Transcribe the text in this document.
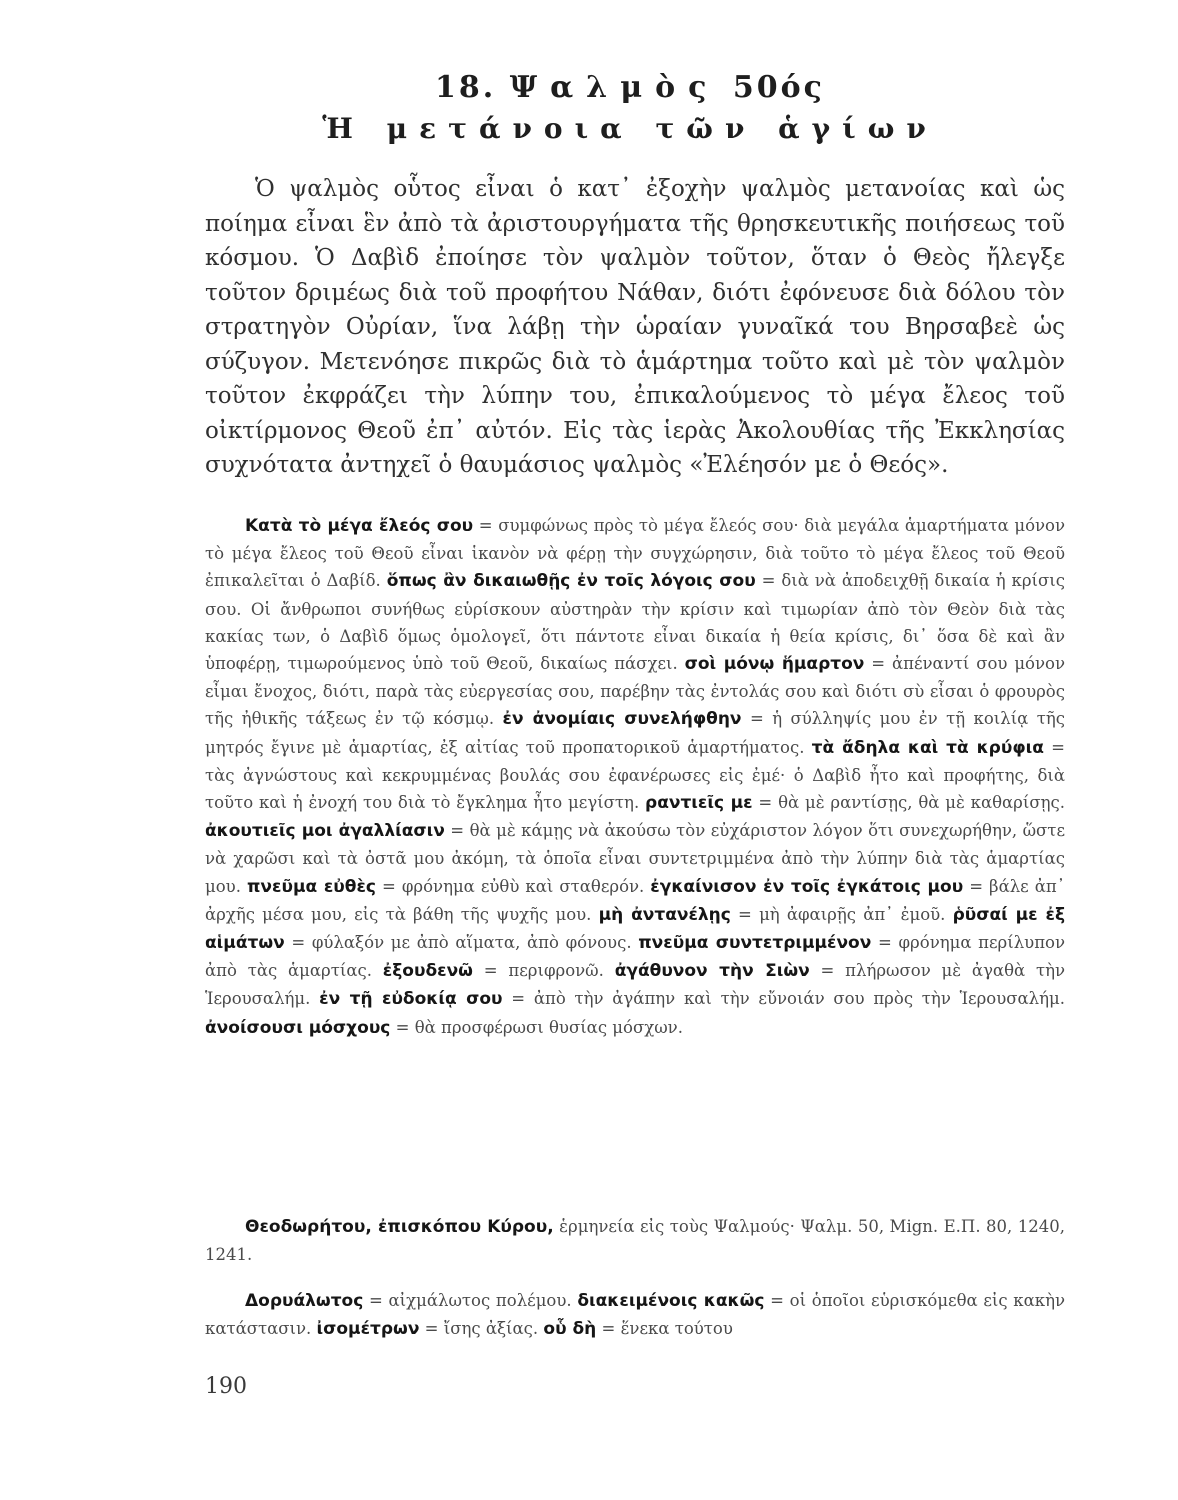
18. Ψαλμὸς 50ός
Ἡ μετάνοια τῶν ἁγίων

Ὁ ψαλμὸς οὗτος εἶναι ὁ κατ᾽ ἐξοχὴν ψαλμὸς μετανοίας καὶ ὡς ποίημα εἶναι ἓν ἀπὸ τὰ ἀριστουργήματα τῆς θρησκευτικῆς ποιήσεως τοῦ κόσμου. Ὁ Δαβὶδ ἐποίησε τὸν ψαλμὸν τοῦτον, ὅταν ὁ Θεὸς ἤλεγξε τοῦτον δριμέως διὰ τοῦ προφήτου Νάθαν, διότι ἐφόνευσε διὰ δόλου τὸν στρατηγὸν Οὐρίαν, ἵνα λάβῃ τὴν ὡραίαν γυναῖκά του Βηρσαβεὲ ὡς σύζυγον. Μετενόησε πικρῶς διὰ τὸ ἁμάρτημα τοῦτο καὶ μὲ τὸν ψαλμὸν τοῦτον ἐκφράζει τὴν λύπην του, ἐπικαλούμενος τὸ μέγα ἔλεος τοῦ οἰκτίρμονος Θεοῦ ἐπ᾽ αὐτόν. Εἰς τὰς ἱερὰς Ἀκολουθίας τῆς Ἐκκλησίας συχνότατα ἀντηχεῖ ὁ θαυμάσιος ψαλμὸς «Ἐλέησόν με ὁ Θεός».

Κατὰ τὸ μέγα ἔλεός σου = συμφώνως πρὸς τὸ μέγα ἔλεός σου· διὰ μεγάλα ἁμαρτήματα μόνον τὸ μέγα ἔλεος τοῦ Θεοῦ εἶναι ἱκανὸν νὰ φέρῃ τὴν συγχώρησιν, διὰ τοῦτο τὸ μέγα ἔλεος τοῦ Θεοῦ ἐπικαλεῖται ὁ Δαβίδ. ὅπως ἂν δικαιωθῇς ἐν τοῖς λόγοις σου = διὰ νὰ ἀποδειχθῇ δικαία ἡ κρίσις σου. Οἱ ἄνθρωποι συνήθως εὑρίσκουν αὐστηρὰν τὴν κρίσιν καὶ τιμωρίαν ἀπὸ τὸν Θεὸν διὰ τὰς κακίας των, ὁ Δαβὶδ ὅμως ὁμολογεῖ, ὅτι πάντοτε εἶναι δικαία ἡ θεία κρίσις, δι᾽ ὅσα δὲ καὶ ἂν ὑποφέρῃ, τιμωρούμενος ὑπὸ τοῦ Θεοῦ, δικαίως πάσχει. σοὶ μόνῳ ἥμαρτον = ἀπέναντί σου μόνον εἶμαι ἔνοχος, διότι, παρὰ τὰς εὐεργεσίας σου, παρέβην τὰς ἐντολάς σου καὶ διότι σὺ εἶσαι ὁ φρουρὸς τῆς ἠθικῆς τάξεως ἐν τῷ κόσμῳ. ἐν ἀνομίαις συνελήφθην = ἡ σύλληψίς μου ἐν τῇ κοιλίᾳ τῆς μητρός ἔγινε μὲ ἁμαρτίας, ἐξ αἰτίας τοῦ προπατορικοῦ ἁμαρτήματος. τὰ ἄδηλα καὶ τὰ κρύφια = τὰς ἀγνώστους καὶ κεκρυμμένας βουλάς σου ἐφανέρωσες εἰς ἐμέ· ὁ Δαβὶδ ἦτο καὶ προφήτης, διὰ τοῦτο καὶ ἡ ἐνοχή του διὰ τὸ ἔγκλημα ἦτο μεγίστη. ραντιεῖς με = θὰ μὲ ραντίσῃς, θὰ μὲ καθαρίσῃς. ἀκουτιεῖς μοι ἀγαλλίασιν = θὰ μὲ κάμῃς νὰ ἀκούσω τὸν εὐχάριστον λόγον ὅτι συνεχωρήθην, ὥστε νὰ χαρῶσι καὶ τὰ ὀστᾶ μου ἀκόμη, τὰ ὁποῖα εἶναι συντετριμμένα ἀπὸ τὴν λύπην διὰ τὰς ἁμαρτίας μου. πνεῦμα εὐθὲς = φρόνημα εὐθὺ καὶ σταθερόν. ἐγκαίνισον ἐν τοῖς ἐγκάτοις μου = βάλε ἀπ᾽ ἀρχῆς μέσα μου, εἰς τὰ βάθη τῆς ψυχῆς μου. μὴ ἀντανέλῃς = μὴ ἀφαιρῇς ἀπ᾽ ἐμοῦ. ῥῦσαί με ἐξ αἱμάτων = φύλαξόν με ἀπὸ αἵματα, ἀπὸ φόνους. πνεῦμα συντετριμμένον = φρόνημα περίλυπον ἀπὸ τὰς ἁμαρτίας. ἐξουδενῶ = περιφρονῶ. ἀγάθυνον τὴν Σιὼν = πλήρωσον μὲ ἀγαθὰ τὴν Ἱερουσαλήμ. ἐν τῇ εὐδοκίᾳ σου = ἀπὸ τὴν ἀγάπην καὶ τὴν εὔνοιάν σου πρὸς τὴν Ἱερουσαλήμ. ἀνοίσουσι μόσχους = θὰ προσφέρωσι θυσίας μόσχων.

Θεοδωρήτου, ἐπισκόπου Κύρου, ἑρμηνεία εἰς τοὺς Ψαλμούς· Ψαλμ. 50, Mign. E.Π. 80, 1240, 1241.

Δορυάλωτος = αἰχμάλωτος πολέμου. διακειμένοις κακῶς = οἱ ὁποῖοι εὑρισκόμεθα εἰς κακὴν κατάστασιν. ἰσομέτρων = ἴσης ἀξίας. οὗ δὴ = ἕνεκα τούτου

190
